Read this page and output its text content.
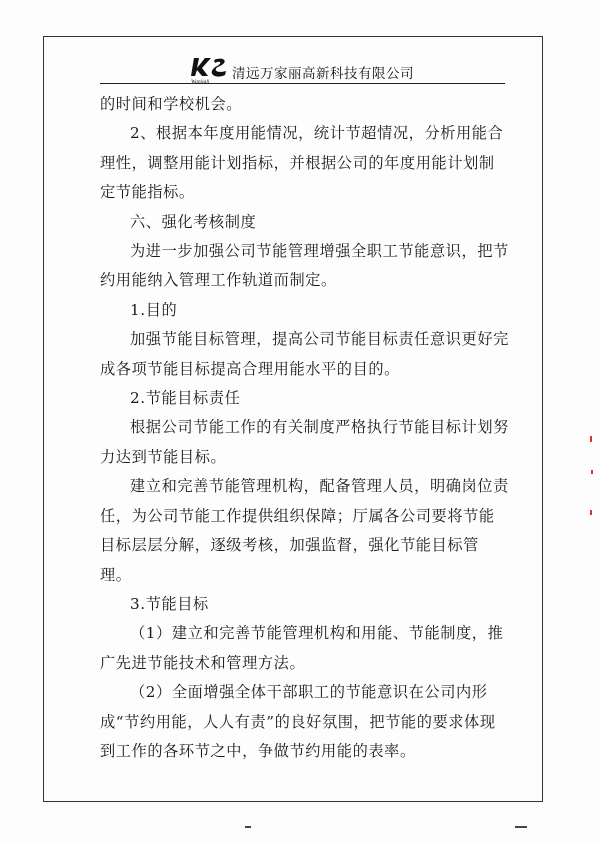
Wanjiali
清远万家丽高新科技有限公司

的时间和学校机会。

2、根据本年度用能情况，统计节超情况，分析用能合理性，调整用能计划指标，并根据公司的年度用能计划制定节能指标。

六、强化考核制度

为进一步加强公司节能管理增强全职工节能意识，把节约用能纳入管理工作轨道而制定。

1.目的

加强节能目标管理，提高公司节能目标责任意识更好完成各项节能目标提高合理用能水平的目的。

2.节能目标责任

根据公司节能工作的有关制度严格执行节能目标计划努力达到节能目标。

建立和完善节能管理机构，配备管理人员，明确岗位责任，为公司节能工作提供组织保障；厅属各公司要将节能目标层层分解，逐级考核，加强监督，强化节能目标管理。

3.节能目标

（1）建立和完善节能管理机构和用能、节能制度，推广先进节能技术和管理方法。

（2）全面增强全体干部职工的节能意识在公司内形成“节约用能，人人有责”的良好氛围，把节能的要求体现到工作的各环节之中，争做节约用能的表率。
